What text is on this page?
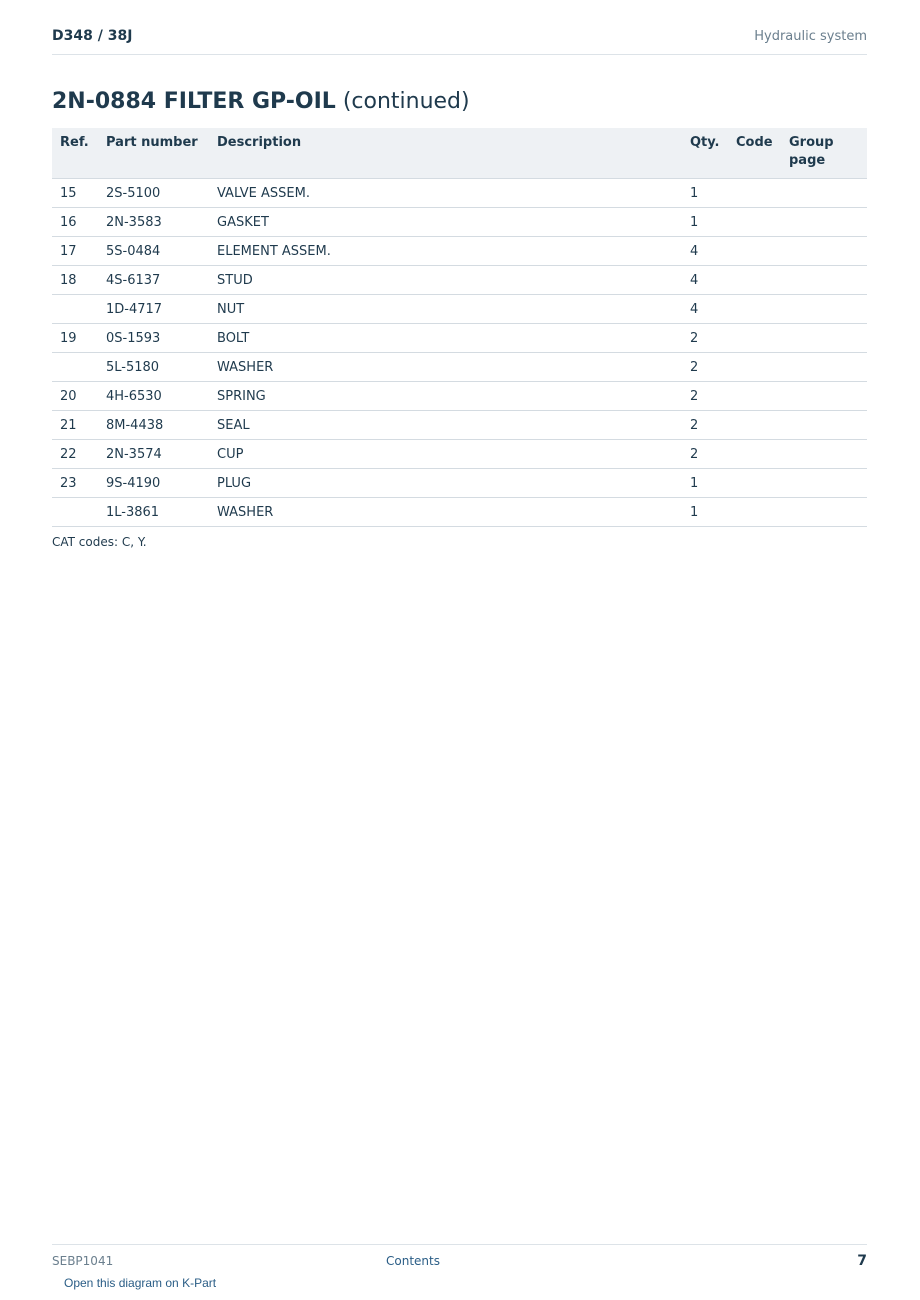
D348 / 38J	Hydraulic system
2N-0884 FILTER GP-OIL (continued)
Ref.	Part number	Description	Qty.	Code	Group page
15	2S-5100	VALVE ASSEM.	1		
16	2N-3583	GASKET	1		
17	5S-0484	ELEMENT ASSEM.	4		
18	4S-6137	STUD	4		
	1D-4717	NUT	4		
19	0S-1593	BOLT	2		
	5L-5180	WASHER	2		
20	4H-6530	SPRING	2		
21	8M-4438	SEAL	2		
22	2N-3574	CUP	2		
23	9S-4190	PLUG	1		
	1L-3861	WASHER	1		
CAT codes: C, Y.
SEBP1041	Contents	7
Open this diagram on K-Part
